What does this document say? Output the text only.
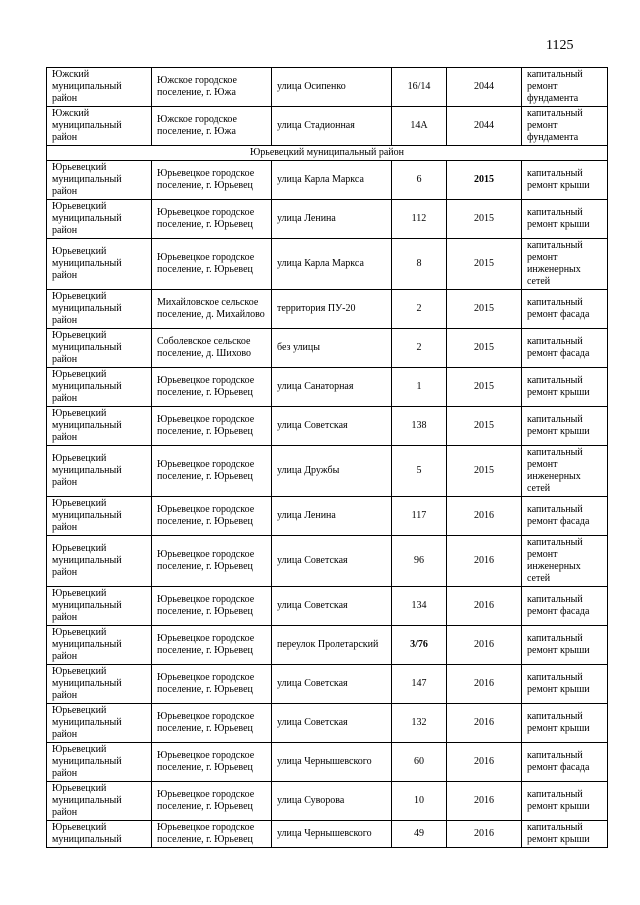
1125
Южский муниципальный район	Южское городское поселение, г. Южа	улица Осипенко	16/14	2044	капитальный ремонт фундамента
Южский муниципальный район	Южское городское поселение, г. Южа	улица Стадионная	14А	2044	капитальный ремонт фундамента
Юрьевецкий муниципальный район					
Юрьевецкий муниципальный район	Юрьевецкое городское поселение, г. Юрьевец	улица Карла Маркса	6	2015	капитальный ремонт крыши
Юрьевецкий муниципальный район	Юрьевецкое городское поселение, г. Юрьевец	улица Ленина	112	2015	капитальный ремонт крыши
Юрьевецкий муниципальный район	Юрьевецкое городское поселение, г. Юрьевец	улица Карла Маркса	8	2015	капитальный ремонт инженерных сетей
Юрьевецкий муниципальный район	Михайловское сельское поселение, д. Михайлово	территория ПУ-20	2	2015	капитальный ремонт фасада
Юрьевецкий муниципальный район	Соболевское сельское поселение, д. Шихово	без улицы	2	2015	капитальный ремонт фасада
Юрьевецкий муниципальный район	Юрьевецкое городское поселение, г. Юрьевец	улица Санаторная	1	2015	капитальный ремонт крыши
Юрьевецкий муниципальный район	Юрьевецкое городское поселение, г. Юрьевец	улица Советская	138	2015	капитальный ремонт крыши
Юрьевецкий муниципальный район	Юрьевецкое городское поселение, г. Юрьевец	улица Дружбы	5	2015	капитальный ремонт инженерных сетей
Юрьевецкий муниципальный район	Юрьевецкое городское поселение, г. Юрьевец	улица Ленина	117	2016	капитальный ремонт фасада
Юрьевецкий муниципальный район	Юрьевецкое городское поселение, г. Юрьевец	улица Советская	96	2016	капитальный ремонт инженерных сетей
Юрьевецкий муниципальный район	Юрьевецкое городское поселение, г. Юрьевец	улица Советская	134	2016	капитальный ремонт фасада
Юрьевецкий муниципальный район	Юрьевецкое городское поселение, г. Юрьевец	переулок Пролетарский	3/76	2016	капитальный ремонт крыши
Юрьевецкий муниципальный район	Юрьевецкое городское поселение, г. Юрьевец	улица Советская	147	2016	капитальный ремонт крыши
Юрьевецкий муниципальный район	Юрьевецкое городское поселение, г. Юрьевец	улица Советская	132	2016	капитальный ремонт крыши
Юрьевецкий муниципальный район	Юрьевецкое городское поселение, г. Юрьевец	улица Чернышевского	60	2016	капитальный ремонт фасада
Юрьевецкий муниципальный район	Юрьевецкое городское поселение, г. Юрьевец	улица Суворова	10	2016	капитальный ремонт крыши
Юрьевецкий муниципальный	Юрьевецкое городское поселение, г. Юрьевец	улица Чернышевского	49	2016	капитальный ремонт крыши
